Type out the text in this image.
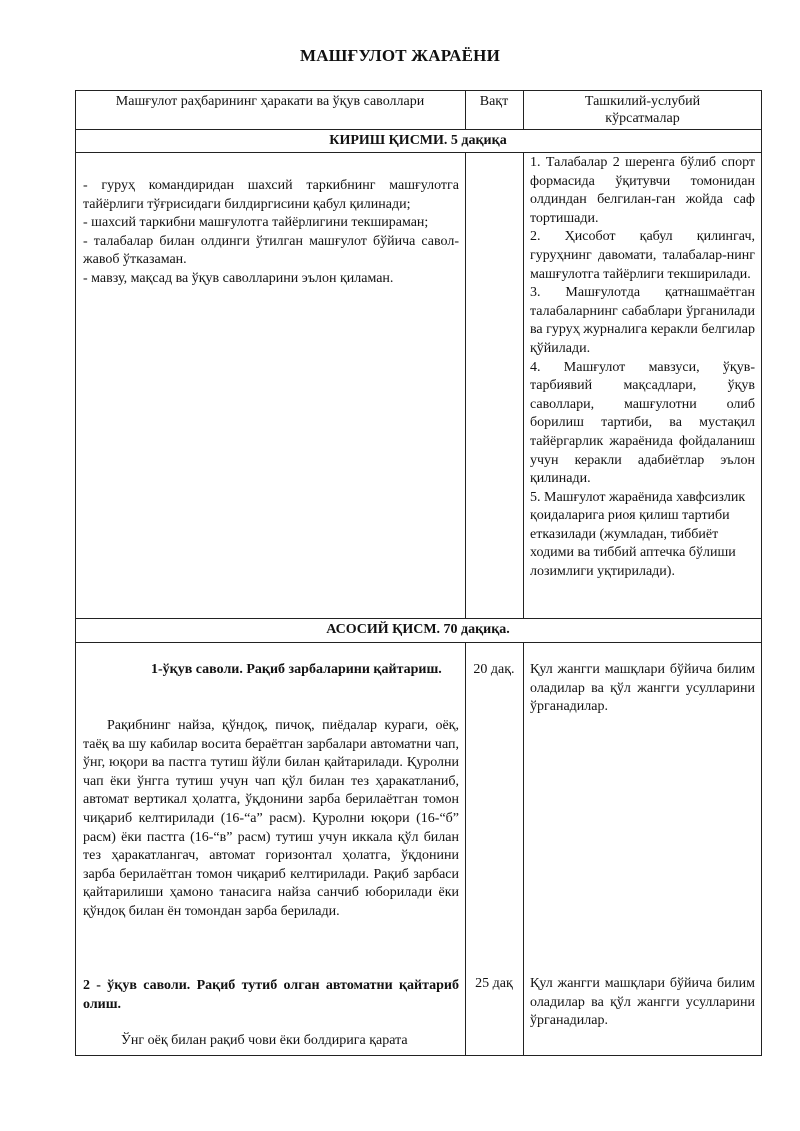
МАШҒУЛОТ ЖАРАЁНИ
Машғулот раҳбарининг ҳаракати ва ўқув саволлари	Вақт	Ташкилий-услубий кўрсатмалар
КИРИШ ҚИСМИ. 5 дақиқа

- гуруҳ командиридан шахсий таркибнинг машғулотга тайёрлиги тўғрисидаги билдиргисини қабул қилинади;

- шахсий таркибни машғулотга тайёрлигини текшираман;

- талабалар билан олдинги ўтилган машғулот бўйича савол-жавоб ўтказаман.

- мавзу, мақсад ва ўқув саволларини эълон қиламан.

1. Талабалар 2 шеренга бўлиб спорт формасида ўқитувчи томонидан олдиндан белгилан-ган жойда саф тортишади.

2. Ҳисобот қабул қилингач, гуруҳнинг давомати, талабалар-нинг машғулотга тайёрлиги текширилади.

3. Машғулотда қатнашмаётган талабаларнинг сабаблари ўрганилади ва гуруҳ журналига керакли белгилар қўйилади.

4. Машғулот мавзуси, ўқув-тарбиявий мақсадлари, ўқув саволлари, машғулотни олиб борилиш тартиби, ва мустақил тайёргарлик жараёнида фойдаланиш учун керакли адабиётлар эълон қилинади.

5. Машғулот жараёнида хавфсизлик қоидаларига риоя қилиш тартиби етказилади (жумладан, тиббиёт ходими ва тиббий аптечка бўлиши лозимлиги уқтирилади).

АСОСИЙ ҚИСМ. 70 дақиқа.
1-ўқув саволи. Рақиб зарбаларини қайтариш.
Рақибнинг найза, қўндоқ, пичоқ, пиёдалар кураги, оёқ, таёқ ва шу кабилар восита бераётган зарбалари автоматни чап, ўнг, юқори ва пастга тутиш йўли билан қайтарилади. Қуролни чап ёки ўнгга тутиш учун чап қўл билан тез ҳаракатланиб, автомат вертикал ҳолатга, ўқдонини зарба берилаётган томон чиқариб келтирилади (16-“а” расм). Қуролни юқори (16-“б” расм) ёки пастга (16-“в” расм) тутиш учун иккала қўл билан тез ҳаракатлангач, автомат горизонтал ҳолатга, ўқдонини зарба берилаётган томон чиқариб келтирилади. Рақиб зарбаси қайтарилиши ҳамоно танасига найза санчиб юборилади ёки қўндоқ билан ён томондан зарба берилади.
20 дақ. Қул жангги машқлари бўйича билим оладилар ва қўл жангги усулларини ўрганадилар.
2 - ўқув саволи. Рақиб тутиб олган автоматни қайтариб олиш.
Ўнг оёқ билан рақиб чови ёки болдирига қарата
25 дақ Қул жангги машқлари бўйича билим оладилар ва қўл жангги усулларини ўрганадилар.
